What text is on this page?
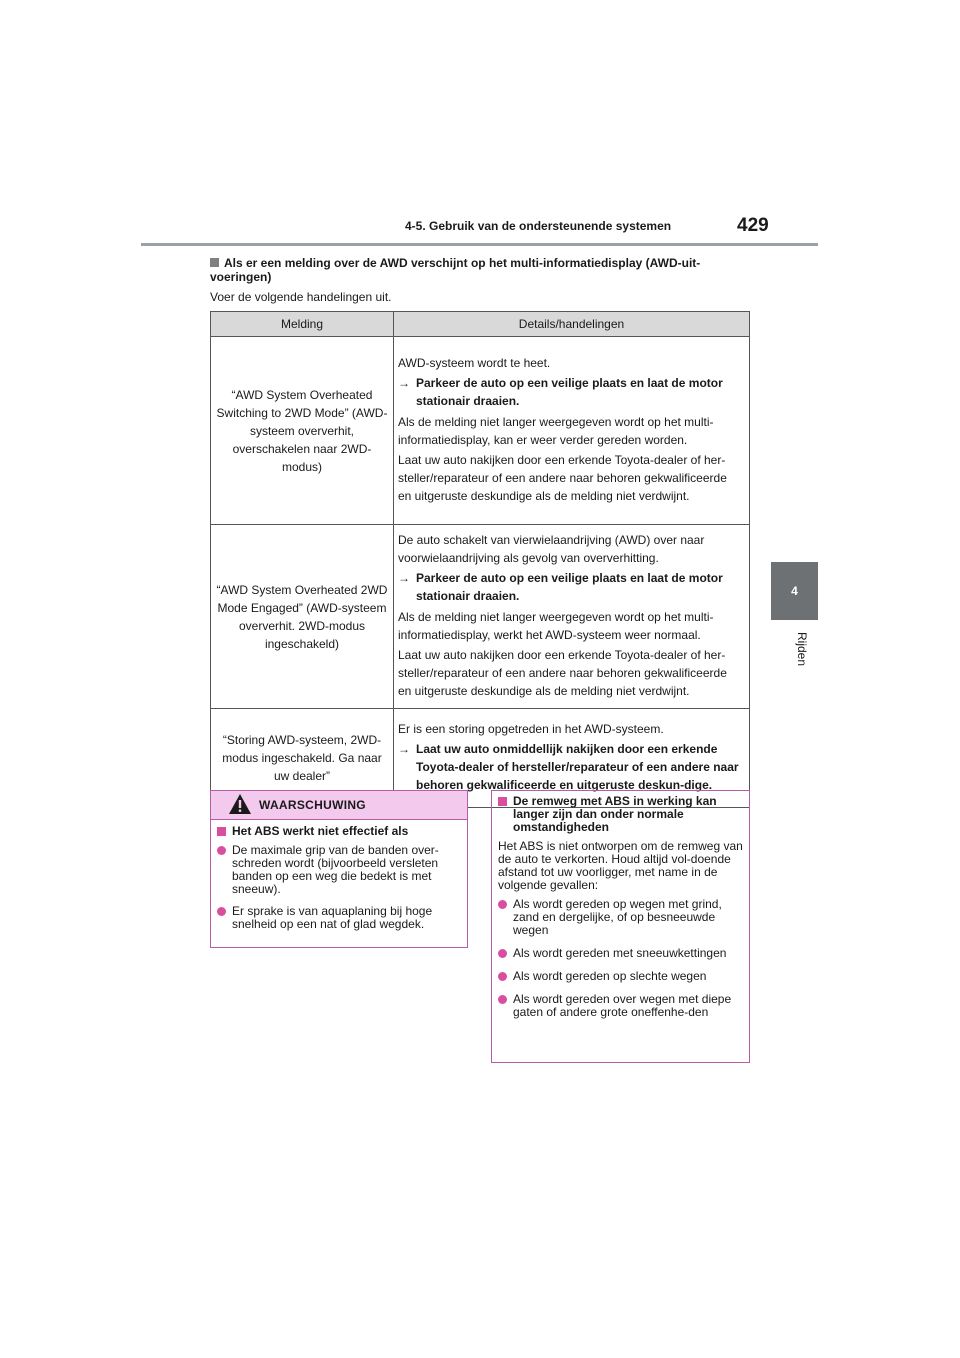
4-5. Gebruik van de ondersteunende systemen	429
4
Rijden
Als er een melding over de AWD verschijnt op het multi-informatiedisplay (AWD-uit-voeringen)
Voer de volgende handelingen uit.
Melding	Details/handelingen
“AWD System Overheated Switching to 2WD Mode” (AWD-systeem oververhit, overschakelen naar 2WD-modus)	AWD-systeem wordt te heet.

→ Parkeer de auto op een veilige plaats en laat de motor stationair draaien.

Als de melding niet langer weergegeven wordt op het multi-informatiedisplay, kan er weer verder gereden worden.

Laat uw auto nakijken door een erkende Toyota-dealer of her-steller/reparateur of een andere naar behoren gekwalificeerde en uitgeruste deskundige als de melding niet verdwijnt.

“AWD System Overheated 2WD Mode Engaged” (AWD-systeem oververhit. 2WD-modus ingeschakeld)	De auto schakelt van vierwielaandrijving (AWD) over naar voorwielaandrijving als gevolg van oververhitting.

→ Parkeer de auto op een veilige plaats en laat de motor stationair draaien.

Als de melding niet langer weergegeven wordt op het multi-informatiedisplay, werkt het AWD-systeem weer normaal.

Laat uw auto nakijken door een erkende Toyota-dealer of her-steller/reparateur of een andere naar behoren gekwalificeerde en uitgeruste deskundige als de melding niet verdwijnt.

“Storing AWD-systeem, 2WD-modus ingeschakeld. Ga naar uw dealer”	Er is een storing opgetreden in het AWD-systeem.

→ Laat uw auto onmiddellijk nakijken door een erkende Toyota-dealer of hersteller/reparateur of een andere naar behoren gekwalificeerde en uitgeruste deskun-dige.
WAARSCHUWING
Het ABS werkt niet effectief als
De maximale grip van de banden over-schreden wordt (bijvoorbeeld versleten banden op een weg die bedekt is met sneeuw).
Er sprake is van aquaplaning bij hoge snelheid op een nat of glad wegdek.
De remweg met ABS in werking kan langer zijn dan onder normale omstandigheden

Het ABS is niet ontworpen om de remweg van de auto te verkorten. Houd altijd vol-doende afstand tot uw voorligger, met name in de volgende gevallen:

Als wordt gereden op wegen met grind, zand en dergelijke, of op besneeuwde wegen
Als wordt gereden met sneeuwkettingen
Als wordt gereden op slechte wegen
Als wordt gereden over wegen met diepe gaten of andere grote oneffenhe-den
